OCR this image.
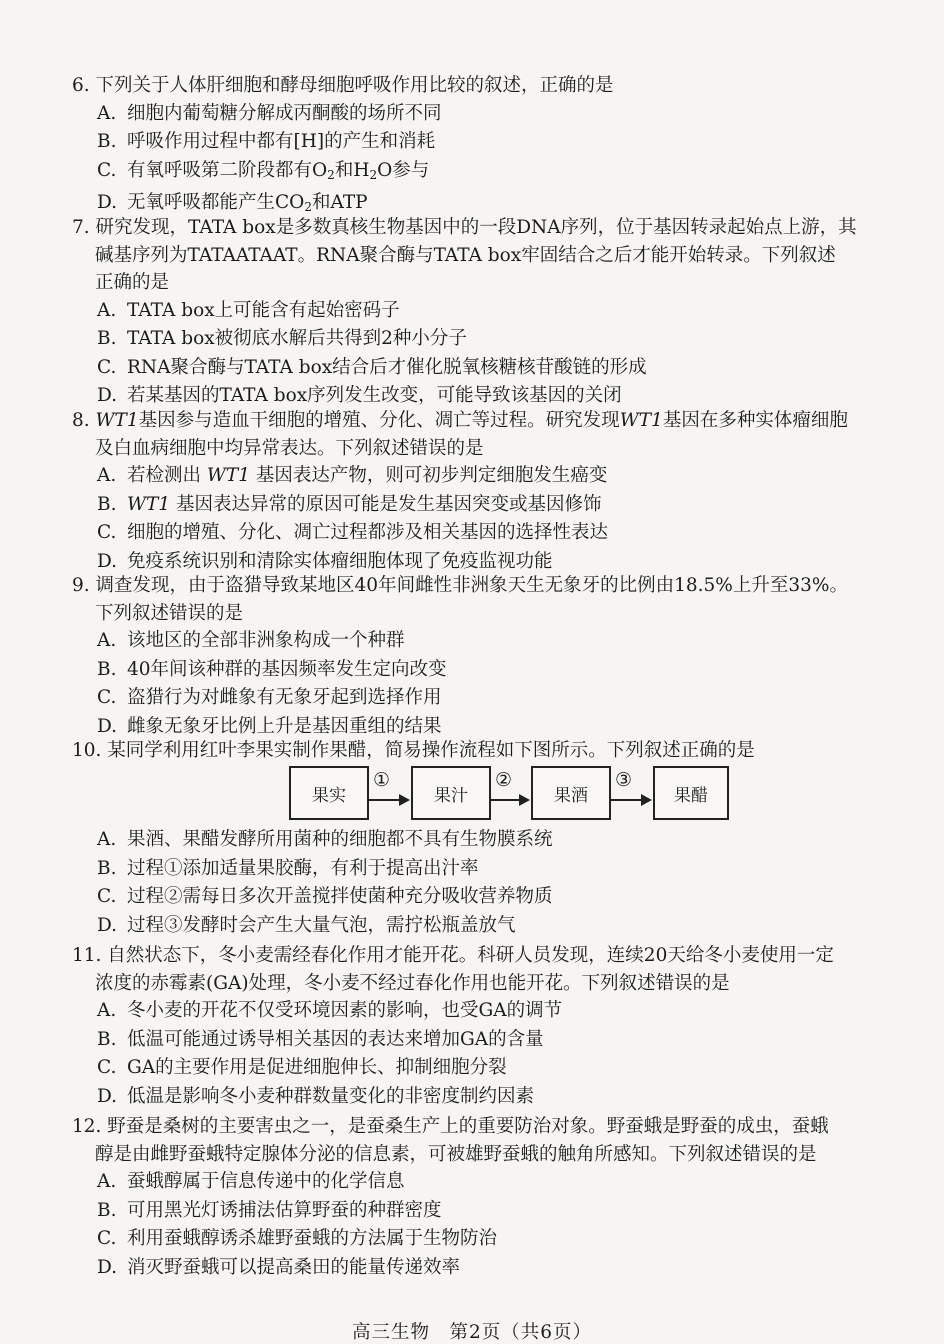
6. 下列关于人体肝细胞和酵母细胞呼吸作用比较的叙述，正确的是
A. 细胞内葡萄糖分解成丙酮酸的场所不同
B. 呼吸作用过程中都有[H]的产生和消耗
C. 有氧呼吸第二阶段都有$O_2$和$H_2O$参与
D. 无氧呼吸都能产生$CO_2$和ATP
7. 研究发现，TATA box是多数真核生物基因中的一段DNA序列，位于基因转录起始点上游，其
碱基序列为TATAATAAT。RNA聚合酶与TATA box牢固结合之后才能开始转录。下列叙述
正确的是
A. TATA box上可能含有起始密码子
B. TATA box被彻底水解后共得到2种小分子
C. RNA聚合酶与TATA box结合后才催化脱氧核糖核苷酸链的形成
D. 若某基因的TATA box序列发生改变，可能导致该基因的关闭
8. WT1基因参与造血干细胞的增殖、分化、凋亡等过程。研究发现WT1基因在多种实体瘤细胞
及白血病细胞中均异常表达。下列叙述错误的是
A. 若检测出 WT1 基因表达产物，则可初步判定细胞发生癌变
B. WT1 基因表达异常的原因可能是发生基因突变或基因修饰
C. 细胞的增殖、分化、凋亡过程都涉及相关基因的选择性表达
D. 免疫系统识别和清除实体瘤细胞体现了免疫监视功能
9. 调查发现，由于盗猎导致某地区40年间雌性非洲象天生无象牙的比例由18.5%上升至33%。
下列叙述错误的是
A. 该地区的全部非洲象构成一个种群
B. 40年间该种群的基因频率发生定向改变
C. 盗猎行为对雌象有无象牙起到选择作用
D. 雌象无象牙比例上升是基因重组的结果
10. 某同学利用红叶李果实制作果醋，简易操作流程如下图所示。下列叙述正确的是
果实
①
果汁
②
果酒
③
果醋
A. 果酒、果醋发酵所用菌种的细胞都不具有生物膜系统
B. 过程①添加适量果胶酶，有利于提高出汁率
C. 过程②需每日多次开盖搅拌使菌种充分吸收营养物质
D. 过程③发酵时会产生大量气泡，需拧松瓶盖放气
11. 自然状态下，冬小麦需经春化作用才能开花。科研人员发现，连续20天给冬小麦使用一定
浓度的赤霉素(GA)处理，冬小麦不经过春化作用也能开花。下列叙述错误的是
A. 冬小麦的开花不仅受环境因素的影响，也受GA的调节
B. 低温可能通过诱导相关基因的表达来增加GA的含量
C. GA的主要作用是促进细胞伸长、抑制细胞分裂
D. 低温是影响冬小麦种群数量变化的非密度制约因素
12. 野蚕是桑树的主要害虫之一，是蚕桑生产上的重要防治对象。野蚕蛾是野蚕的成虫，蚕蛾
醇是由雌野蚕蛾特定腺体分泌的信息素，可被雄野蚕蛾的触角所感知。下列叙述错误的是
A. 蚕蛾醇属于信息传递中的化学信息
B. 可用黑光灯诱捕法估算野蚕的种群密度
C. 利用蚕蛾醇诱杀雄野蚕蛾的方法属于生物防治
D. 消灭野蚕蛾可以提高桑田的能量传递效率
高三生物　第2页（共6页）
